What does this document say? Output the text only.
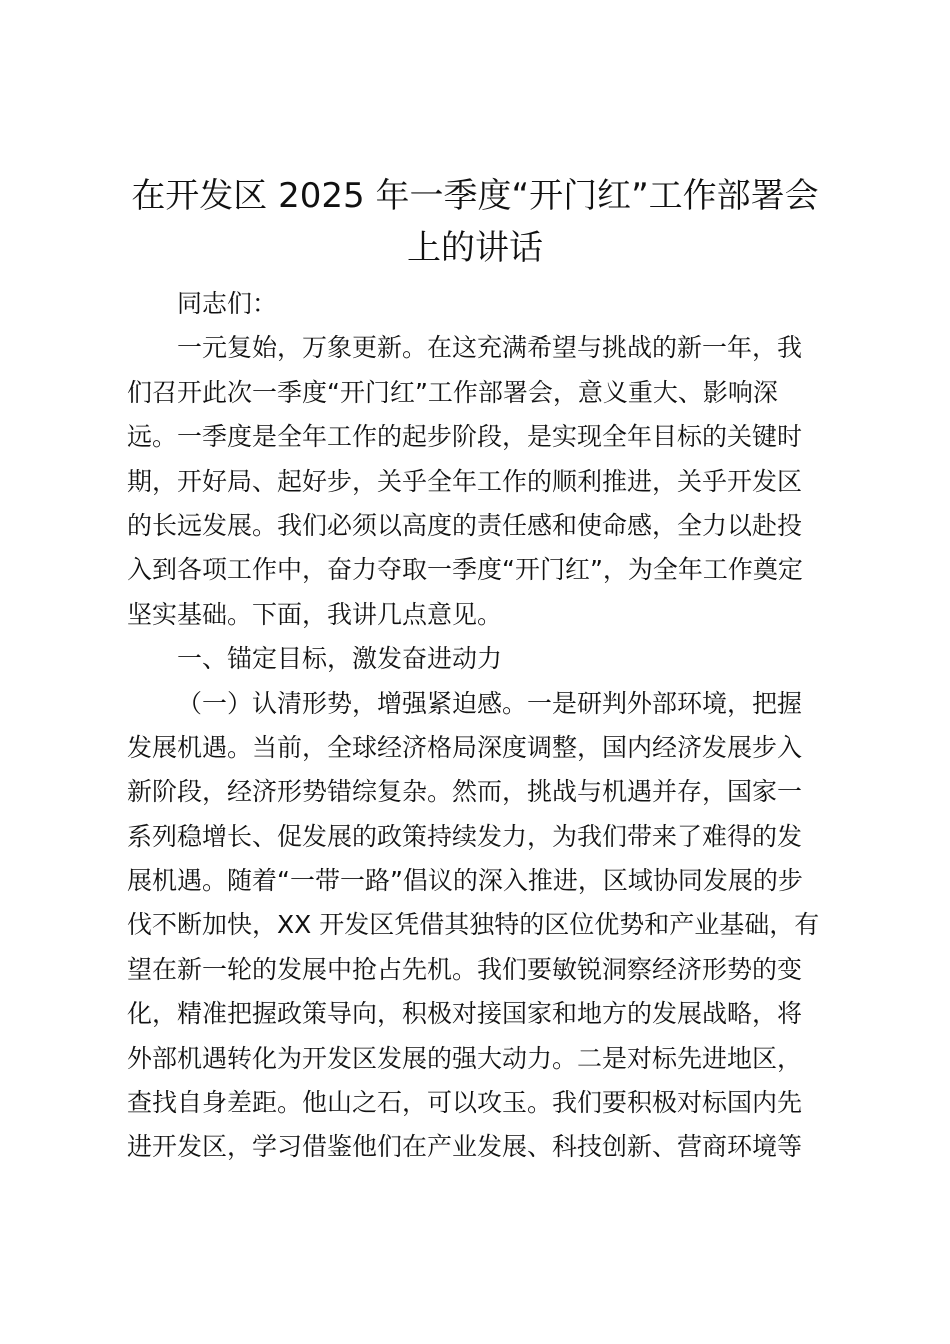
在开发区 2025 年一季度“开门红”工作部署会
上的讲话
同志们：
一元复始，万象更新。在这充满希望与挑战的新一年，我
们召开此次一季度“开门红”工作部署会，意义重大、影响深
远。一季度是全年工作的起步阶段，是实现全年目标的关键时
期，开好局、起好步，关乎全年工作的顺利推进，关乎开发区
的长远发展。我们必须以高度的责任感和使命感，全力以赴投
入到各项工作中，奋力夺取一季度“开门红”，为全年工作奠定
坚实基础。下面，我讲几点意见。
一、锚定目标，激发奋进动力
（一）认清形势，增强紧迫感。一是研判外部环境，把握
发展机遇。当前，全球经济格局深度调整，国内经济发展步入
新阶段，经济形势错综复杂。然而，挑战与机遇并存，国家一
系列稳增长、促发展的政策持续发力，为我们带来了难得的发
展机遇。随着“一带一路”倡议的深入推进，区域协同发展的步
伐不断加快，XX 开发区凭借其独特的区位优势和产业基础，有
望在新一轮的发展中抢占先机。我们要敏锐洞察经济形势的变
化，精准把握政策导向，积极对接国家和地方的发展战略，将
外部机遇转化为开发区发展的强大动力。二是对标先进地区，
查找自身差距。他山之石，可以攻玉。我们要积极对标国内先
进开发区，学习借鉴他们在产业发展、科技创新、营商环境等
